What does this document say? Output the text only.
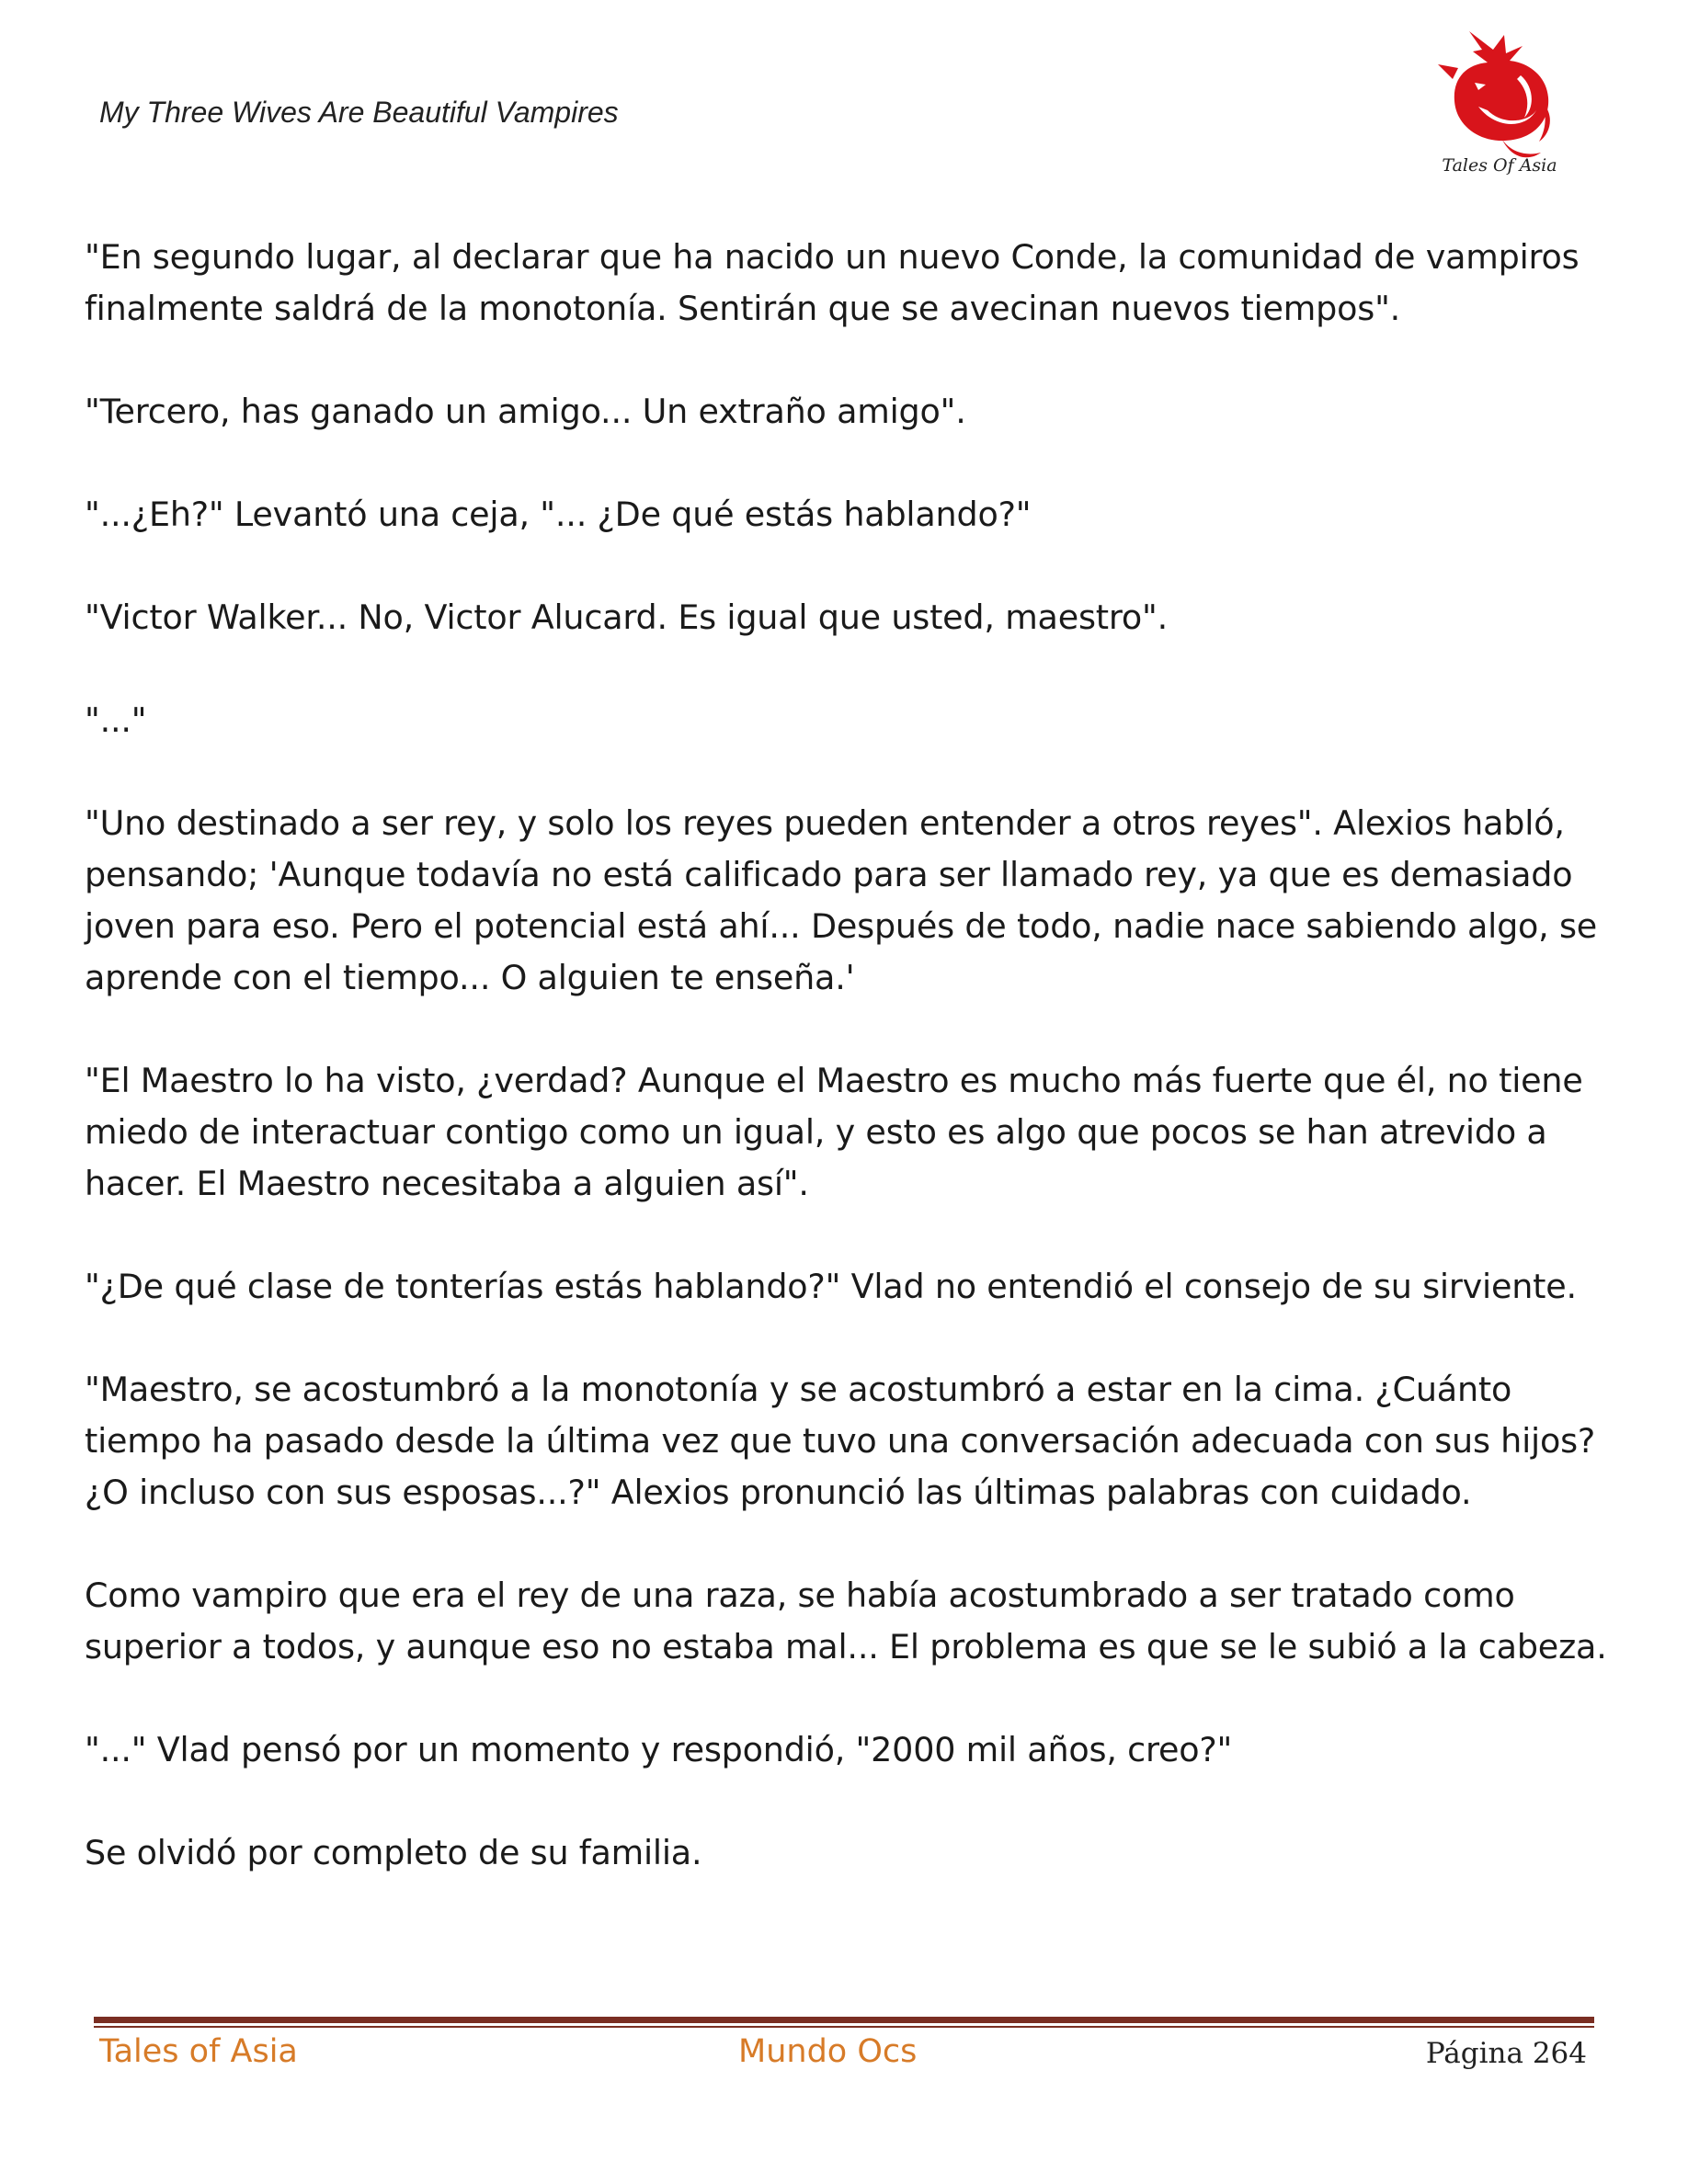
My Three Wives Are Beautiful Vampires
Tales Of Asia

"En segundo lugar, al declarar que ha nacido un nuevo Conde, la comunidad de vampiros finalmente saldrá de la monotonía. Sentirán que se avecinan nuevos tiempos".

"Tercero, has ganado un amigo... Un extraño amigo".

"...¿Eh?" Levantó una ceja, "... ¿De qué estás hablando?"

"Victor Walker... No, Victor Alucard. Es igual que usted, maestro".

"..."

"Uno destinado a ser rey, y solo los reyes pueden entender a otros reyes". Alexios habló, pensando; 'Aunque todavía no está calificado para ser llamado rey, ya que es demasiado joven para eso. Pero el potencial está ahí... Después de todo, nadie nace sabiendo algo, se aprende con el tiempo... O alguien te enseña.'

"El Maestro lo ha visto, ¿verdad? Aunque el Maestro es mucho más fuerte que él, no tiene miedo de interactuar contigo como un igual, y esto es algo que pocos se han atrevido a hacer. El Maestro necesitaba a alguien así".

"¿De qué clase de tonterías estás hablando?" Vlad no entendió el consejo de su sirviente.

"Maestro, se acostumbró a la monotonía y se acostumbró a estar en la cima. ¿Cuánto tiempo ha pasado desde la última vez que tuvo una conversación adecuada con sus hijos? ¿O incluso con sus esposas...?" Alexios pronunció las últimas palabras con cuidado.

Como vampiro que era el rey de una raza, se había acostumbrado a ser tratado como superior a todos, y aunque eso no estaba mal... El problema es que se le subió a la cabeza.

"..." Vlad pensó por un momento y respondió, "2000 mil años, creo?"

Se olvidó por completo de su familia.

Tales of Asia	Mundo Ocs	Página 264
